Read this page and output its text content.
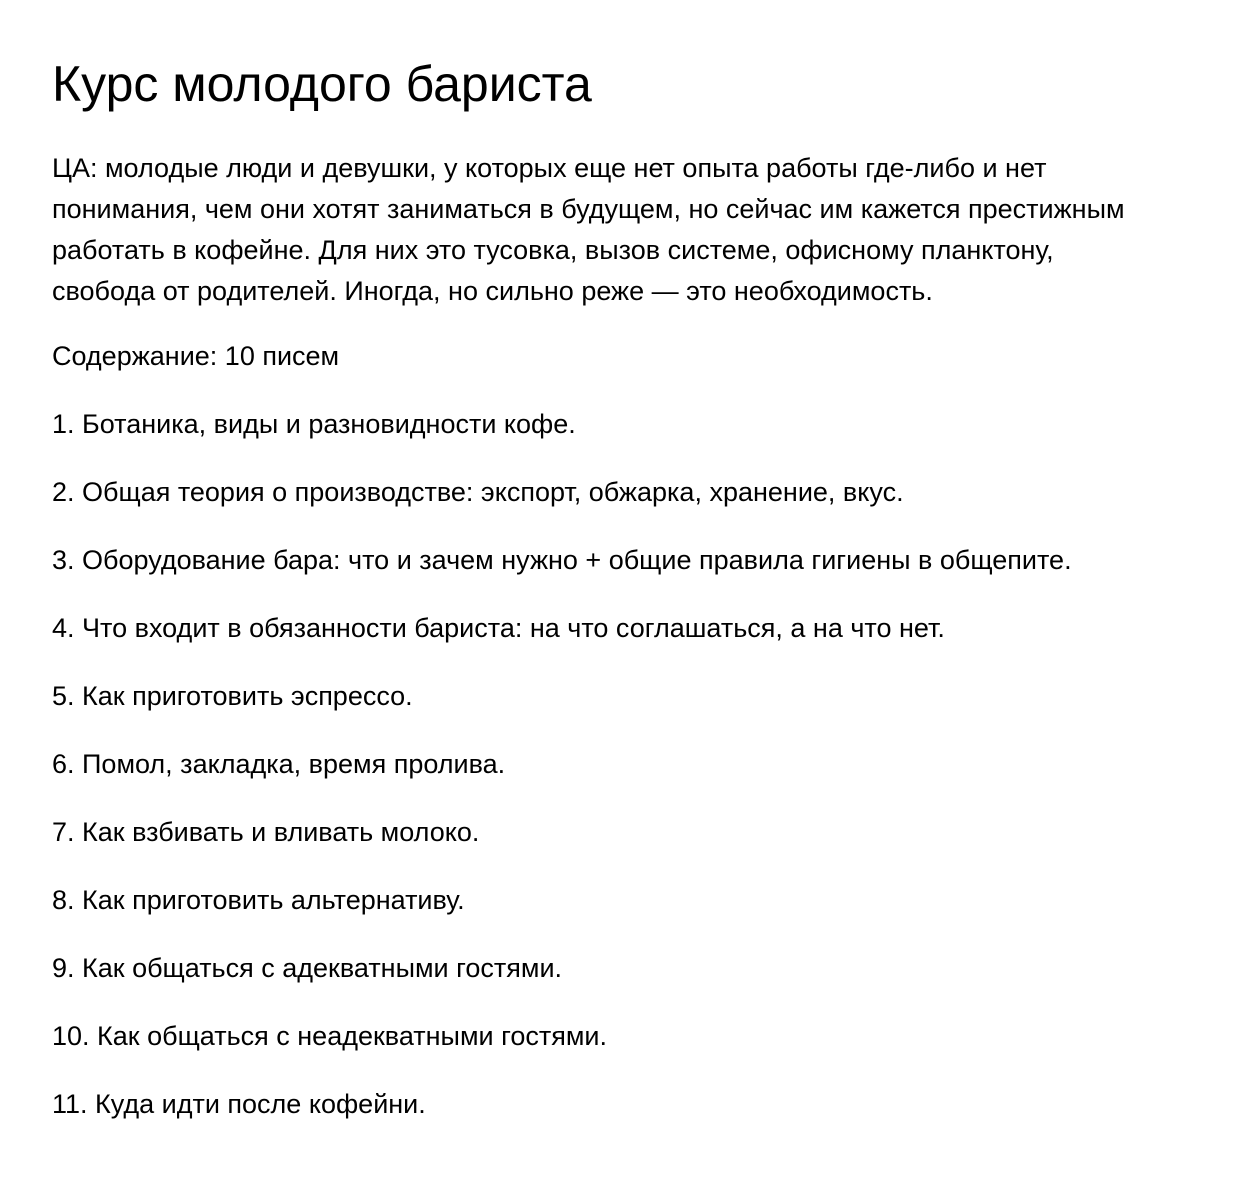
Курс молодого бариста

ЦА: молодые люди и девушки, у которых еще нет опыта работы где-либо и нет
понимания, чем они хотят заниматься в будущем, но сейчас им кажется престижным
работать в кофейне. Для них это тусовка, вызов системе, офисному планктону,
свобода от родителей. Иногда, но сильно реже — это необходимость.

Содержание: 10 писем

1. Ботаника, виды и разновидности кофе.
2. Общая теория о производстве: экспорт, обжарка, хранение, вкус.
3. Оборудование бара: что и зачем нужно + общие правила гигиены в общепите.
4. Что входит в обязанности бариста: на что соглашаться, а на что нет.
5. Как приготовить эспрессо.
6. Помол, закладка, время пролива.
7. Как взбивать и вливать молоко.
8. Как приготовить альтернативу.
9. Как общаться с адекватными гостями.
10. Как общаться с неадекватными гостями.
11. Куда идти после кофейни.
